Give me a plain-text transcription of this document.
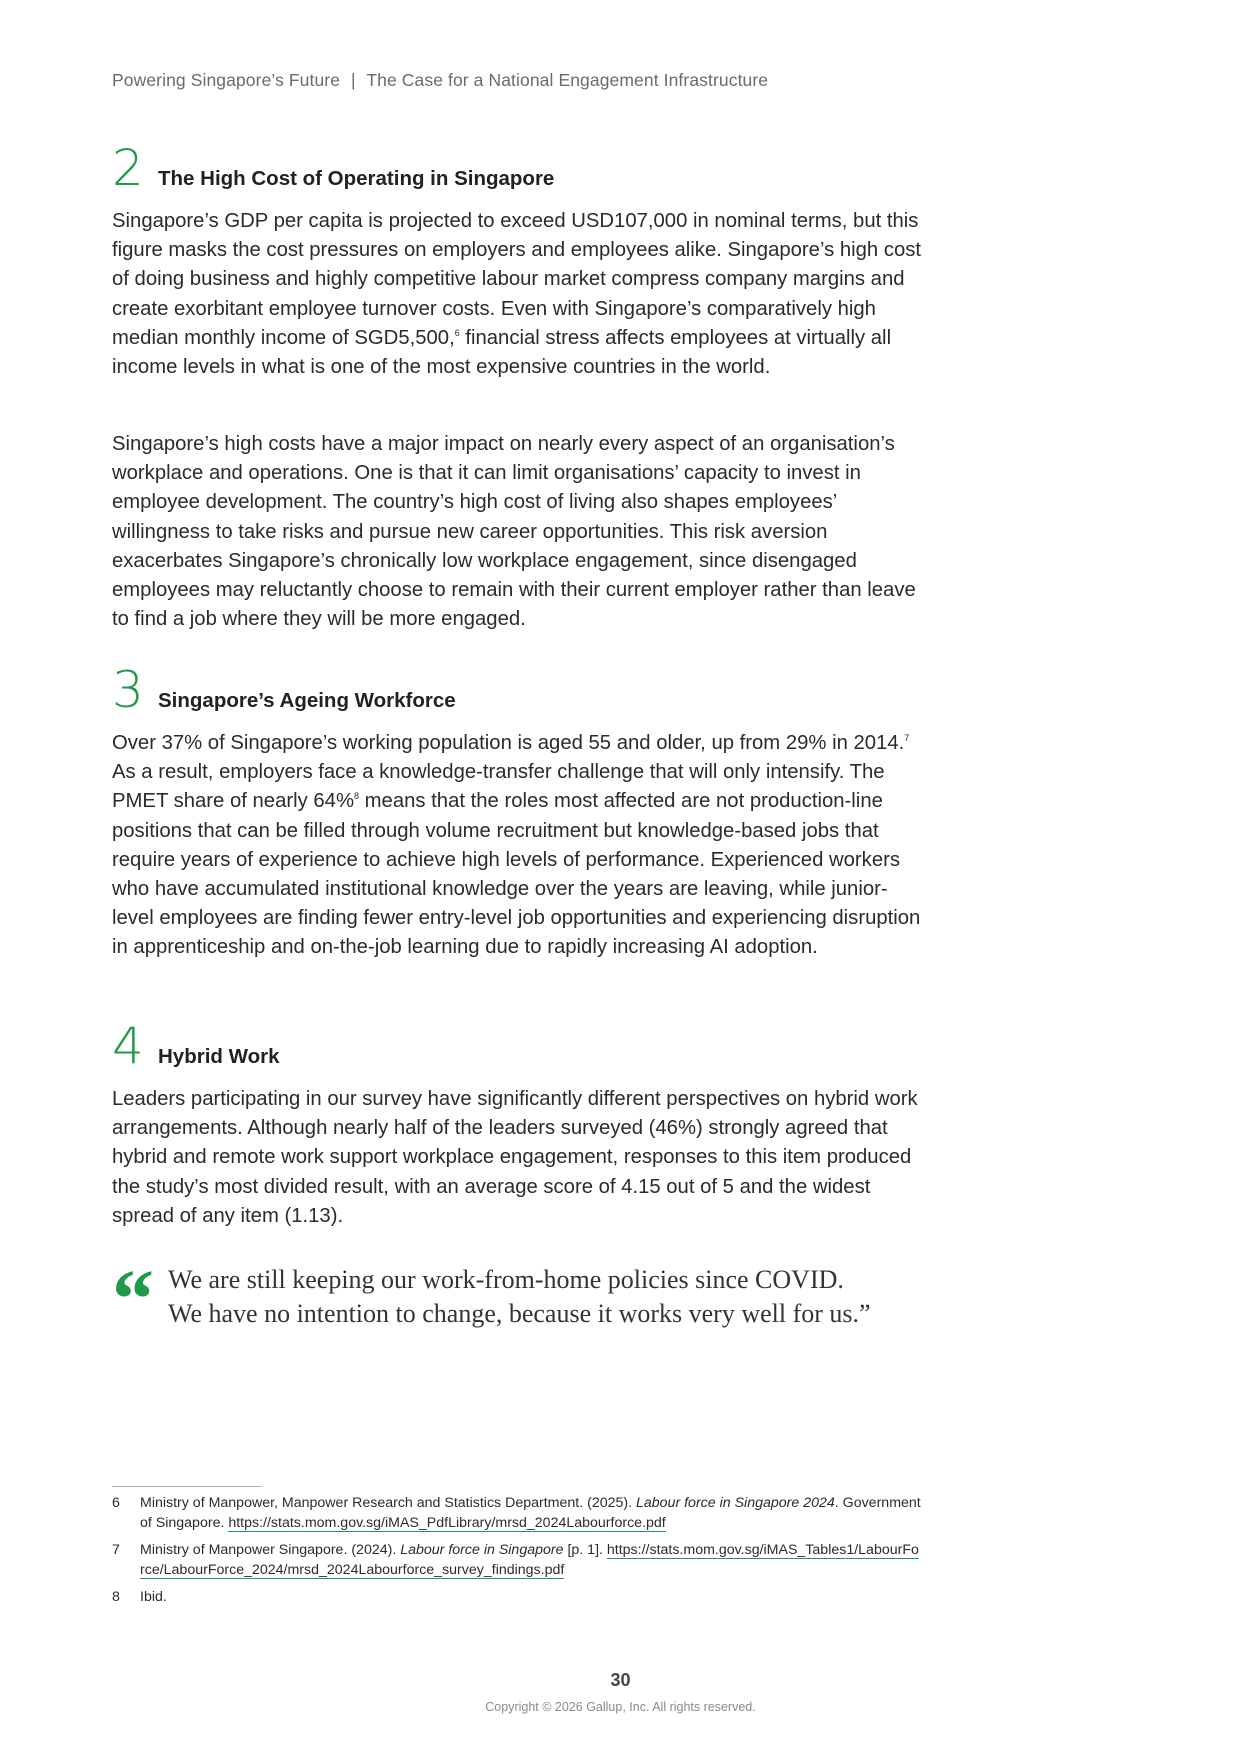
Powering Singapore’s Future | The Case for a National Engagement Infrastructure
2 The High Cost of Operating in Singapore

Singapore’s GDP per capita is projected to exceed USD107,000 in nominal terms, but this figure masks the cost pressures on employers and employees alike. Singapore’s high cost of doing business and highly competitive labour market compress company margins and create exorbitant employee turnover costs. Even with Singapore’s comparatively high median monthly income of SGD5,500,$^6$ financial stress affects employees at virtually all income levels in what is one of the most expensive countries in the world.

Singapore’s high costs have a major impact on nearly every aspect of an organisation’s workplace and operations. One is that it can limit organisations’ capacity to invest in employee development. The country’s high cost of living also shapes employees’ willingness to take risks and pursue new career opportunities. This risk aversion exacerbates Singapore’s chronically low workplace engagement, since disengaged employees may reluctantly choose to remain with their current employer rather than leave to find a job where they will be more engaged.

3 Singapore’s Ageing Workforce

Over 37% of Singapore’s working population is aged 55 and older, up from 29% in 2014.$^7$ As a result, employers face a knowledge-transfer challenge that will only intensify. The PMET share of nearly 64%$^8$ means that the roles most affected are not production-line positions that can be filled through volume recruitment but knowledge-based jobs that require years of experience to achieve high levels of performance. Experienced workers who have accumulated institutional knowledge over the years are leaving, while junior-level employees are finding fewer entry-level job opportunities and experiencing disruption in apprenticeship and on-the-job learning due to rapidly increasing AI adoption.

4 Hybrid Work

Leaders participating in our survey have significantly different perspectives on hybrid work arrangements. Although nearly half of the leaders surveyed (46%) strongly agreed that hybrid and remote work support workplace engagement, responses to this item produced the study’s most divided result, with an average score of 4.15 out of 5 and the widest spread of any item (1.13).

“ We are still keeping our work-from-home policies since COVID.
We have no intention to change, because it works very well for us.”

6	Ministry of Manpower, Manpower Research and Statistics Department. (2025). Labour force in Singapore 2024. Government of Singapore. https://stats.mom.gov.sg/iMAS_PdfLibrary/mrsd_2024Labourforce.pdf
7	Ministry of Manpower Singapore. (2024). Labour force in Singapore [p. 1]. https://stats.mom.gov.sg/iMAS_Tables1/LabourForce/LabourForce_2024/mrsd_2024Labourforce_survey_findings.pdf
8	Ibid.
30
Copyright © 2026 Gallup, Inc. All rights reserved.
